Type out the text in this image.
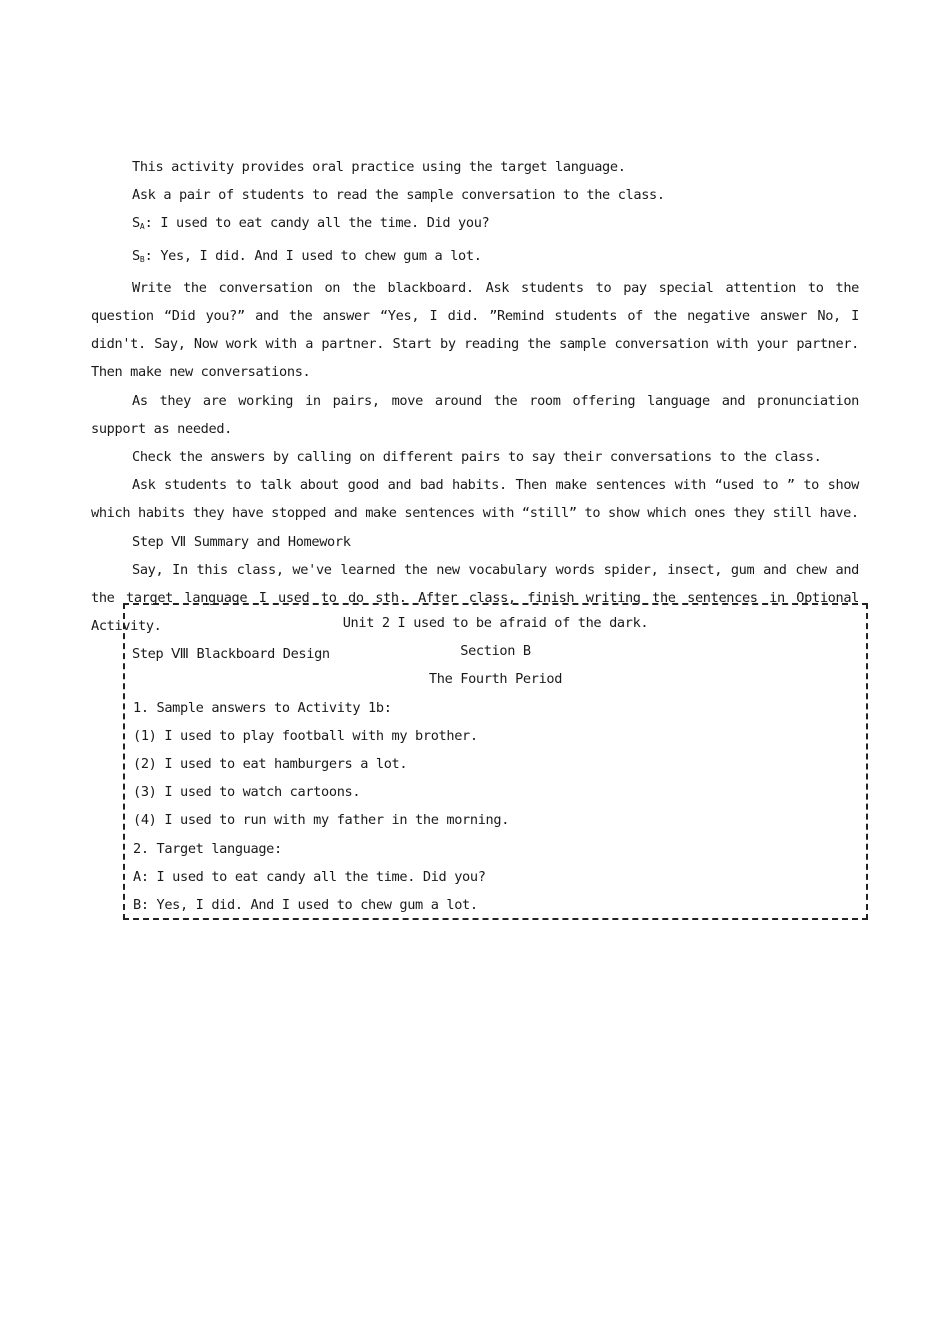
This activity provides oral practice using the target language.

Ask a pair of students to read the sample conversation to the class.

$S_A$: I used to eat candy all the time. Did you?

$S_B$: Yes, I did. And I used to chew gum a lot.

Write the conversation on the blackboard. Ask students to pay special attention to the question “Did you?” and the answer “Yes, I did. ”Remind students of the negative answer No, I didn't. Say, Now work with a partner. Start by reading the sample conversation with your partner. Then make new conversations.

As they are working in pairs, move around the room offering language and pronunciation support as needed.

Check the answers by calling on different pairs to say their conversations to the class.

Ask students to talk about good and bad habits. Then make sentences with “used to ” to show which habits they have stopped and make sentences with “still” to show which ones they still have.

Step Ⅶ Summary and Homework

Say, In this class, we've learned the new vocabulary words spider, insect, gum and chew and the target language I used to do sth. After class, finish writing the sentences in Optional Activity.

Step Ⅷ Blackboard Design

Unit 2 I used to be afraid of the dark.
Section B
The Fourth Period
1. Sample answers to Activity 1b:
(1) I used to play football with my brother.
(2) I used to eat hamburgers a lot.
(3) I used to watch cartoons.
(4) I used to run with my father in the morning.
2. Target language:
A: I used to eat candy all the time. Did you?
B: Yes, I did. And I used to chew gum a lot.
